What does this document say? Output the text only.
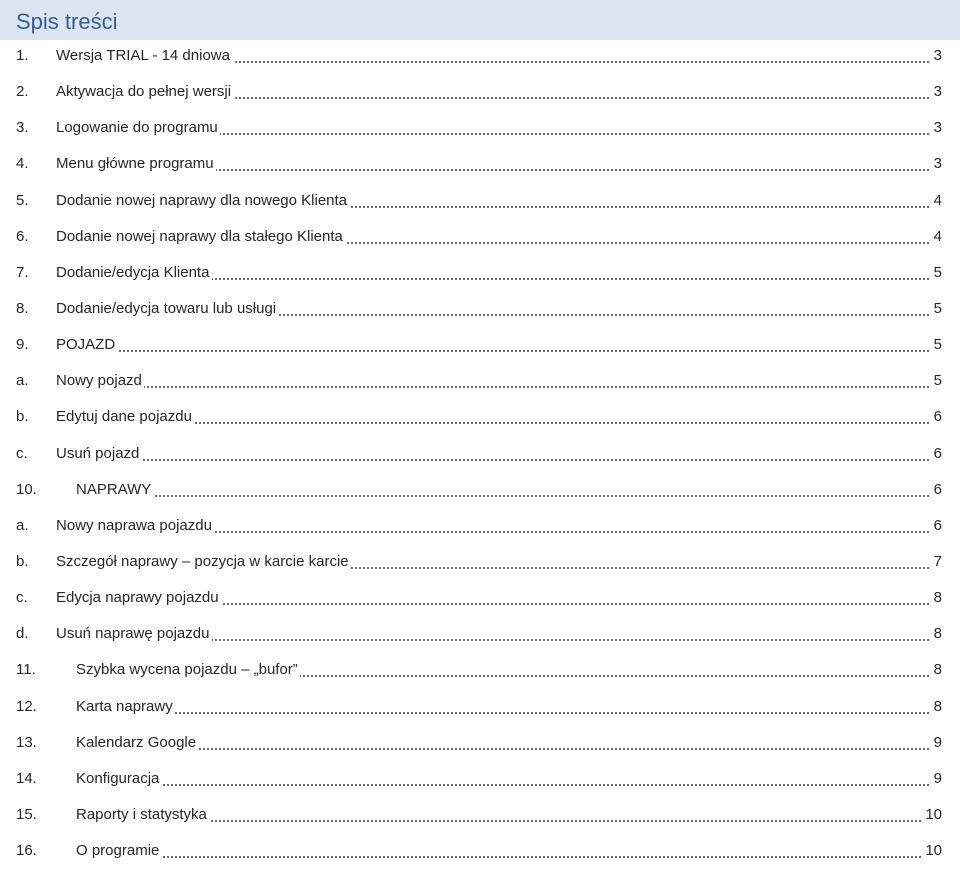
Spis treści
1. Wersja TRIAL - 14 dniowa	3
2. Aktywacja do pełnej wersji	3
3. Logowanie do programu	3
4. Menu główne programu	3
5. Dodanie nowej naprawy dla nowego Klienta	4
6. Dodanie nowej naprawy dla stałego Klienta	4
7. Dodanie/edycja Klienta	5
8. Dodanie/edycja towaru lub usługi	5
9. POJAZD	5
a. Nowy pojazd	5
b. Edytuj dane pojazdu	6
c. Usuń pojazd	6
10.	NAPRAWY	6
a. Nowy naprawa pojazdu	6
b. Szczegół naprawy – pozycja w karcie karcie	7
c. Edycja naprawy pojazdu	8
d. Usuń naprawę pojazdu	8
11.	Szybka wycena pojazdu – „bufor”	8
12.	Karta naprawy	8
13.	Kalendarz Google	9
14.	Konfiguracja	9
15.	Raporty i statystyka	10
16.	O programie	10
